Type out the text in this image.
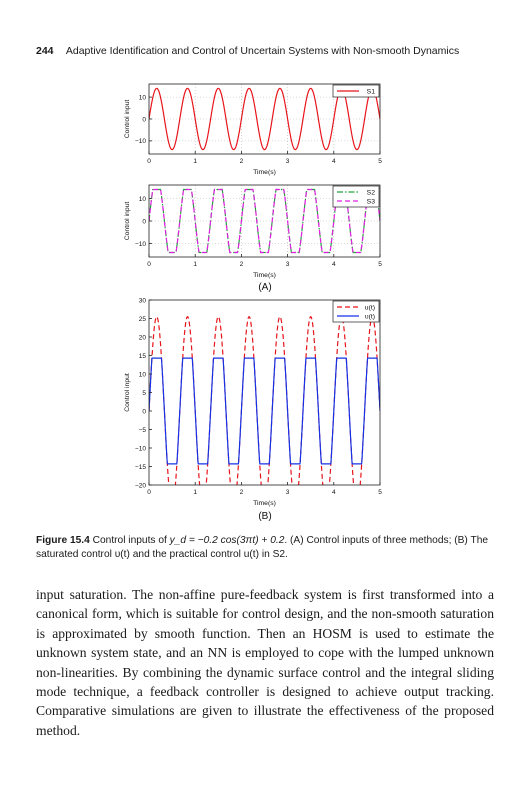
244 Adaptive Identification and Control of Uncertain Systems with Non-smooth Dynamics
(A)
(B)
0	1	2	3	4	5
10
0
−10
Time(s)
Control input
S1
0	1	2	3	4	5
10
0
−10
Time(s)
Control input
S2
S3
0	1	2	3	4	5
30
25
20
15
10
5
0
−5
−10
−15
−20
Time(s)
Control input
u(t)
υ(t)
Figure 15.4 Control inputs of y_d = −0.2 cos(3πt) + 0.2. (A) Control inputs of three methods; (B) The saturated control υ(t) and the practical control u(t) in S2.

input saturation. The non-affine pure-feedback system is first transformed into a canonical form, which is suitable for control design, and the non-smooth saturation is approximated by smooth function. Then an HOSM is used to estimate the unknown system state, and an NN is employed to cope with the lumped unknown non-linearities. By combining the dynamic surface control and the integral sliding mode technique, a feedback controller is designed to achieve output tracking. Comparative simulations are given to illustrate the effectiveness of the proposed method.
